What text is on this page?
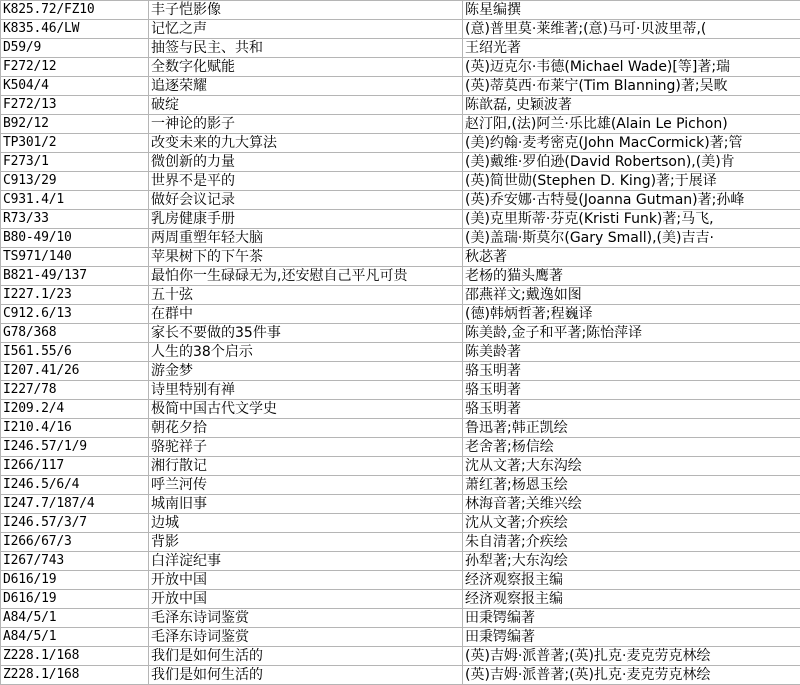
K825.72/FZ10	丰子恺影像	陈星编撰
K835.46/LW	记忆之声	(意)普里莫·莱维著;(意)马可·贝波里蒂,(
D59/9	抽签与民主、共和	王绍光著
F272/12	全数字化赋能	(英)迈克尔·韦德(Michael Wade)[等]著;瑞
K504/4	追逐荣耀	(英)蒂莫西·布莱宁(Tim Blanning)著;吴畋
F272/13	破绽	陈歆磊, 史颖波著
B92/12	一神论的影子	赵汀阳,(法)阿兰·乐比雄(Alain Le Pichon)
TP301/2	改变未来的九大算法	(美)约翰·麦考密克(John MacCormick)著;管
F273/1	微创新的力量	(美)戴维·罗伯逊(David Robertson),(美)肯
C913/29	世界不是平的	(英)简世勋(Stephen D. King)著;于展译
C931.4/1	做好会议记录	(英)乔安娜·古特曼(Joanna Gutman)著;孙峰
R73/33	乳房健康手册	(美)克里斯蒂·芬克(Kristi Funk)著;马飞,
B80-49/10	两周重塑年轻大脑	(美)盖瑞·斯莫尔(Gary Small),(美)吉吉·
TS971/140	苹果树下的下午茶	秋苾著
B821-49/137	最怕你一生碌碌无为,还安慰自己平凡可贵	老杨的猫头鹰著
I227.1/23	五十弦	邵燕祥文;戴逸如图
C912.6/13	在群中	(德)韩炳哲著;程巍译
G78/368	家长不要做的35件事	陈美龄,金子和平著;陈怡萍译
I561.55/6	人生的38个启示	陈美龄著
I207.41/26	游金梦	骆玉明著
I227/78	诗里特别有禅	骆玉明著
I209.2/4	极简中国古代文学史	骆玉明著
I210.4/16	朝花夕拾	鲁迅著;韩正凯绘
I246.57/1/9	骆驼祥子	老舍著;杨信绘
I266/117	湘行散记	沈从文著;大东沟绘
I246.5/6/4	呼兰河传	萧红著;杨恩玉绘
I247.7/187/4	城南旧事	林海音著;关维兴绘
I246.57/3/7	边城	沈从文著;介疾绘
I266/67/3	背影	朱自清著;介疾绘
I267/743	白洋淀纪事	孙犁著;大东沟绘
D616/19	开放中国	经济观察报主编
D616/19	开放中国	经济观察报主编
A84/5/1	毛泽东诗词鉴赏	田秉锷编著
A84/5/1	毛泽东诗词鉴赏	田秉锷编著
Z228.1/168	我们是如何生活的	(英)吉姆·派普著;(英)扎克·麦克劳克林绘
Z228.1/168	我们是如何生活的	(英)吉姆·派普著;(英)扎克·麦克劳克林绘
